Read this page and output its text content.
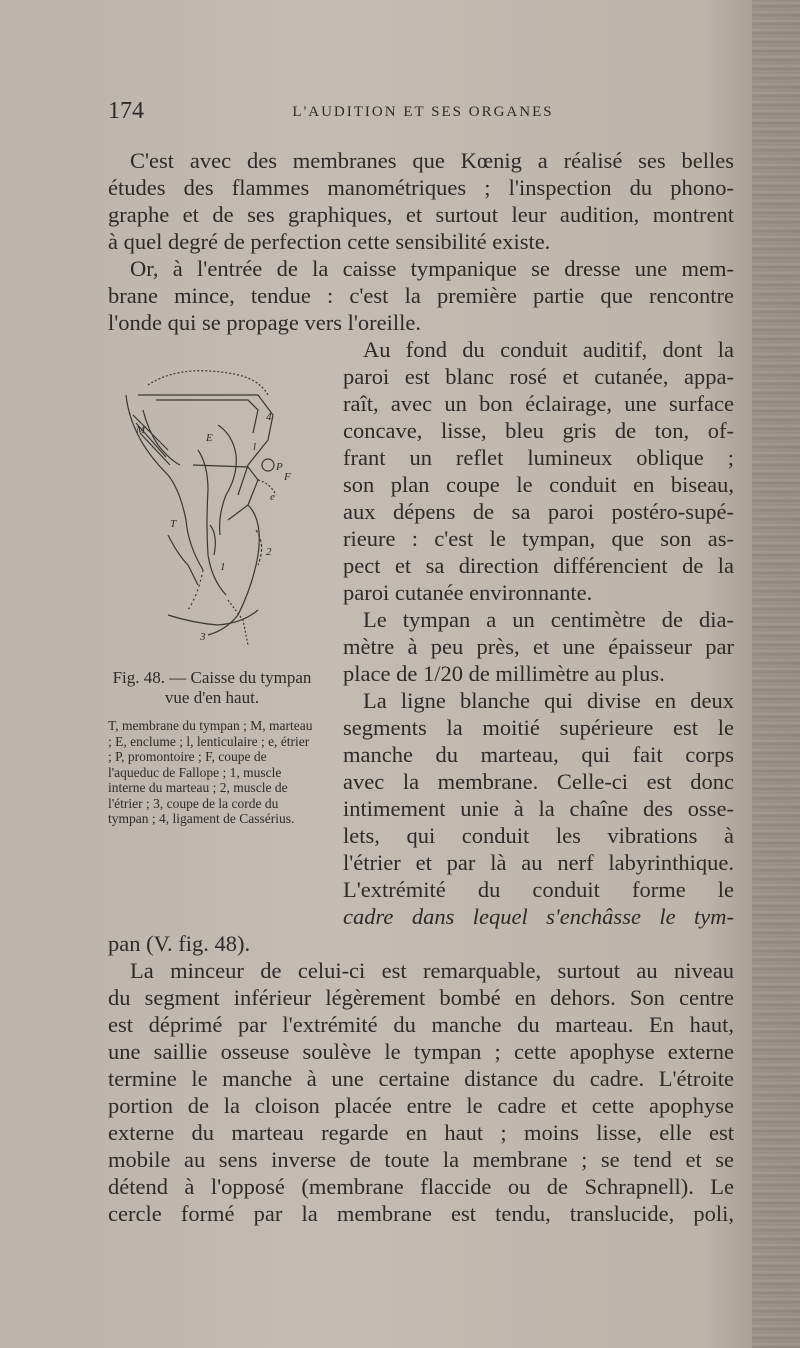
174	L'AUDITION ET SES ORGANES
C'est avec des membranes que Kœnig a réalisé ses belles
études des flammes manométriques ; l'inspection du phono-
graphe et de ses graphiques, et surtout leur audition, montrent
à quel degré de perfection cette sensibilité existe.
Or, à l'entrée de la caisse tympanique se dresse une mem-
brane mince, tendue : c'est la première partie que rencontre
l'onde qui se propage vers l'oreille.
Au fond du conduit auditif, dont la
paroi est blanc rosé et cutanée, appa-
raît, avec un bon éclairage, une surface
concave, lisse, bleu gris de ton, of-
frant un reflet lumineux oblique ;
son plan coupe le conduit en biseau,
aux dépens de sa paroi postéro-supé-
rieure : c'est le tympan, que son as-
pect et sa direction différencient de la
paroi cutanée environnante.
Le tympan a un centimètre de dia-
mètre à peu près, et une épaisseur par
place de 1/20 de millimètre au plus.
La ligne blanche qui divise en deux
segments la moitié supérieure est le
manche du marteau, qui fait corps
avec la membrane. Celle-ci est donc
intimement unie à la chaîne des osse-
lets, qui conduit les vibrations à
l'étrier et par là au nerf labyrinthique.
L'extrémité du conduit forme le
cadre dans lequel s'enchâsse le tym-
pan (V. fig. 48).
La minceur de celui-ci est remarquable, surtout au niveau
du segment inférieur légèrement bombé en dehors. Son centre
est déprimé par l'extrémité du manche du marteau. En haut,
une saillie osseuse soulève le tympan ; cette apophyse externe
termine le manche à une certaine distance du cadre. L'étroite
portion de la cloison placée entre le cadre et cette apophyse
externe du marteau regarde en haut ; moins lisse, elle est
mobile au sens inverse de toute la membrane ; se tend et se
détend à l'opposé (membrane flaccide ou de Schrapnell). Le
cercle formé par la membrane est tendu, translucide, poli,
M
E
P
F
T
1
2
3
4
e
l
Fig. 48. — Caisse du tympan vue d'en haut.
T, membrane du tympan ; M, marteau ; E, enclume ; l, lenticulaire ; e, étrier ; P, promontoire ; F, coupe de l'aqueduc de Fallope ; 1, muscle interne du marteau ; 2, muscle de l'étrier ; 3, coupe de la corde du tympan ; 4, ligament de Cassérius.
